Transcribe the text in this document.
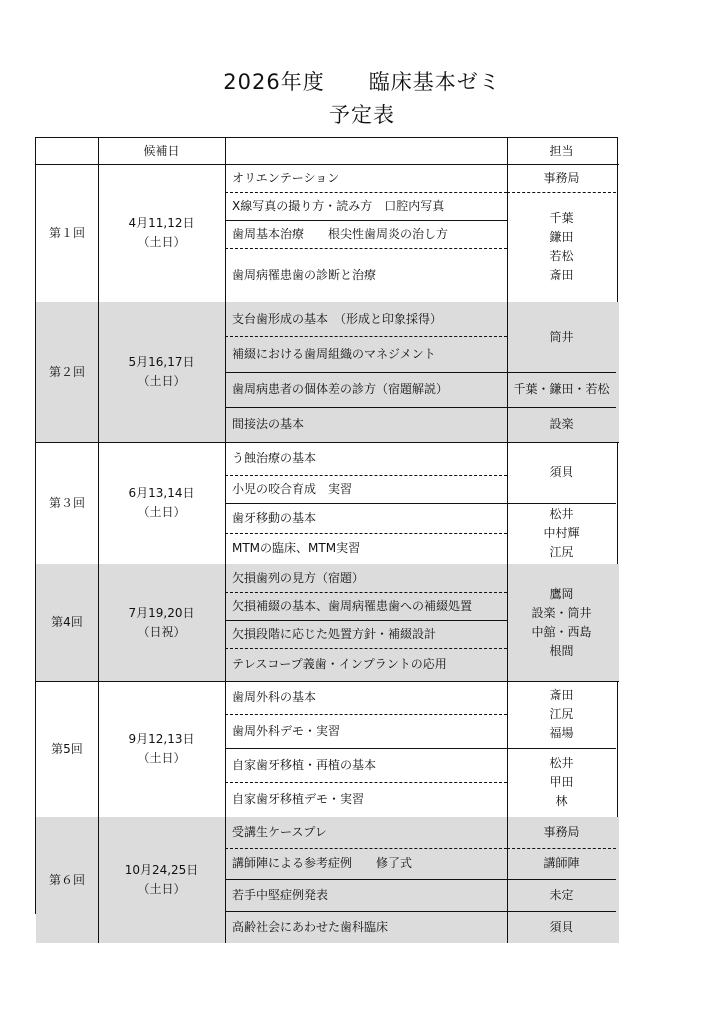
2026年度　　臨床基本ゼミ
予定表
候補日	担当
第１回
4月11,12日
（土日）
オリエンテーション
X線写真の撮り方・読み方　口腔内写真
歯周基本治療　　根尖性歯周炎の治し方
歯周病罹患歯の診断と治療
事務局
千葉
鎌田
若松
斎田
第２回
5月16,17日
（土日）
支台歯形成の基本　（形成と印象採得）
補綴における歯周組織のマネジメント
歯周病患者の個体差の診方（宿題解説）
間接法の基本
筒井
千葉・鎌田・若松
設楽
第３回
6月13,14日
（土日）
う蝕治療の基本
小児の咬合育成　実習
歯牙移動の基本
MTMの臨床、MTM実習
須貝
松井
中村輝
江尻
第4回
7月19,20日
（日祝）
欠損歯列の見方（宿題）
欠損補綴の基本、歯周病罹患歯への補綴処置
欠損段階に応じた処置方針・補綴設計
テレスコープ義歯・インプラントの応用
鷹岡
設楽・筒井
中舘・西島
根間
第5回
9月12,13日
（土日）
歯周外科の基本
歯周外科デモ・実習
自家歯牙移植・再植の基本
自家歯牙移植デモ・実習
斎田
江尻
福場
松井
甲田
林
第６回
10月24,25日
（土日）
受講生ケースプレ
講師陣による参考症例　　修了式
若手中堅症例発表
高齢社会にあわせた歯科臨床
事務局
講師陣
未定
須貝
